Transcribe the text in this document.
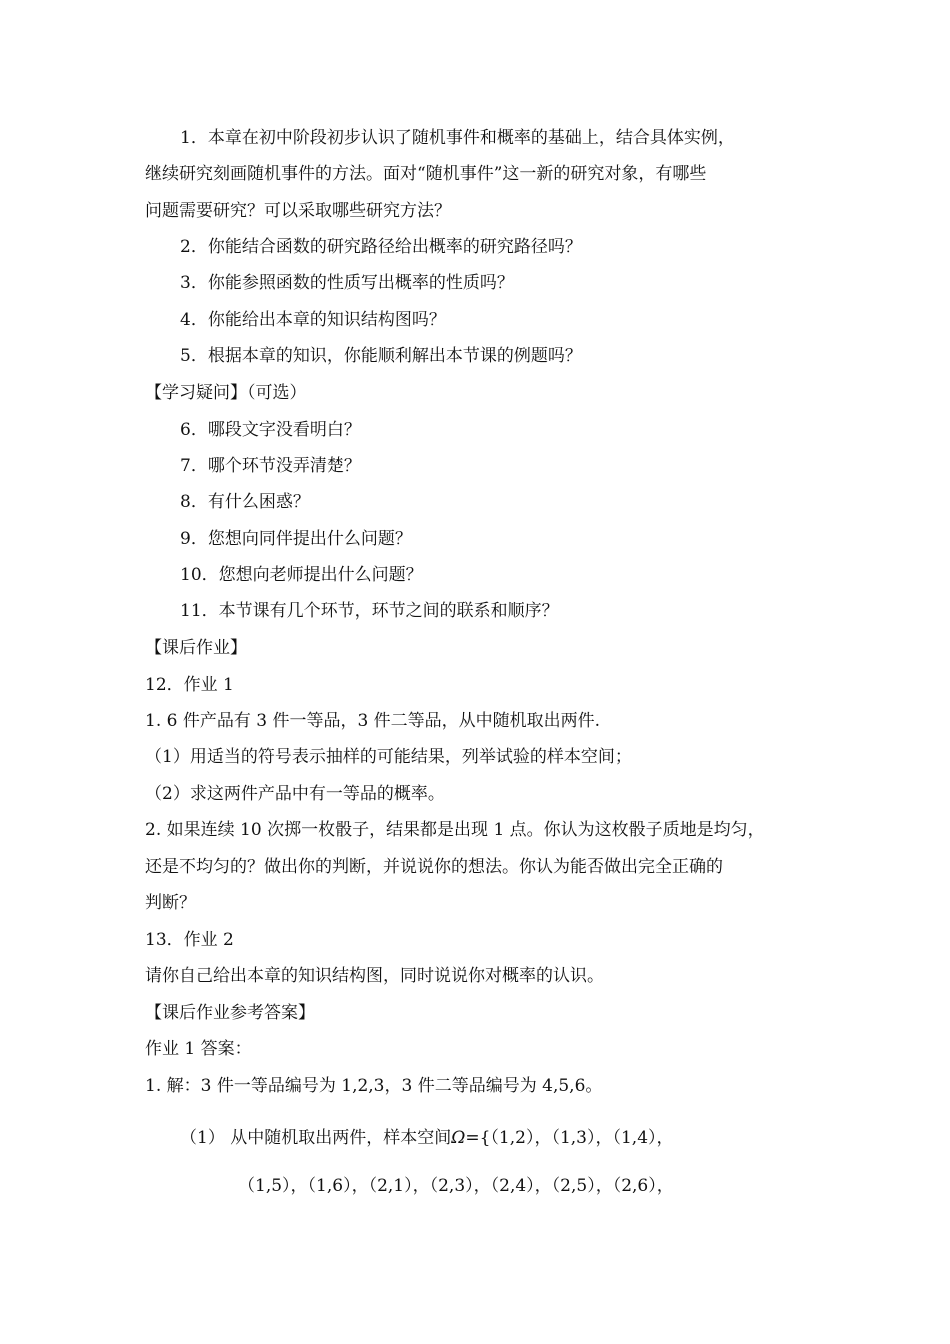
1．本章在初中阶段初步认识了随机事件和概率的基础上，结合具体实例，
继续研究刻画随机事件的方法。面对“随机事件”这一新的研究对象，有哪些
问题需要研究？可以采取哪些研究方法？
2．你能结合函数的研究路径给出概率的研究路径吗？
3．你能参照函数的性质写出概率的性质吗？
4．你能给出本章的知识结构图吗？
5．根据本章的知识，你能顺利解出本节课的例题吗？
【学习疑问】（可选）
6．哪段文字没看明白？
7．哪个环节没弄清楚？
8．有什么困惑？
9．您想向同伴提出什么问题？
10．您想向老师提出什么问题？
11．本节课有几个环节，环节之间的联系和顺序？
【课后作业】
12．作业 1
1. 6 件产品有 3 件一等品，3 件二等品，从中随机取出两件.
（1）用适当的符号表示抽样的可能结果，列举试验的样本空间；
（2）求这两件产品中有一等品的概率。
2. 如果连续 10 次掷一枚骰子，结果都是出现 1 点。你认为这枚骰子质地是均匀，
还是不均匀的？做出你的判断，并说说你的想法。你认为能否做出完全正确的
判断？
13．作业 2
请你自己给出本章的知识结构图，同时说说你对概率的认识。
【课后作业参考答案】
作业 1 答案：
1. 解：3 件一等品编号为 1,2,3，3 件二等品编号为 4,5,6。
（1） 从中随机取出两件，样本空间Ω={（1,2），（1,3），（1,4），
（1,5），（1,6），（2,1），（2,3），（2,4），（2,5），（2,6），
